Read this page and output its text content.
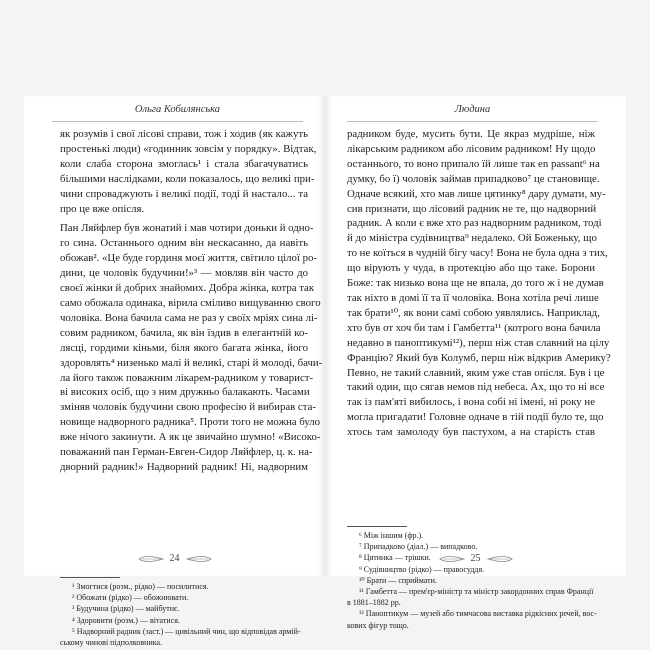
Ольга Кобилянська
як розумів і свої лісові справи, тож і ходив (як кажуть
простенькі люди) «годинник зовсім у порядку». Відтак,
коли слаба сторона змоглась¹ і стала збагачуватись
більшими наслідками, коли показалось, що великі при-
чини спроваджують і великі події, тоді й настало... та
про це вже опісля.
Пан Ляйфлер був жонатий і мав чотири доньки й одно-
го сина. Останнього одним він нескасанно, да навіть
обожав². «Це буде гординя моєї життя, світило цілої ро-
дини, це чоловік будучини!»³ — мовляв він часто до
своєї жінки й добрих знайомих. Добра жінка, котра так
само обожала одинака, вірила сміливо вищуванню свого
чоловіка. Вона бачила сама не раз у своїх мріях сина лі-
совим радником, бачила, як він їздив в елегантній ко-
лясці, гордими кіньми, біля якого багата жінка, його
здоровлять⁴ низенько малі й великі, старі й молоді, бачи-
ла його також поважним лікарем-радником у товарист-
ві високих осіб, що з ним дружньо балакають. Часами
зміняв чоловік будучини свою професію й вибирав ста-
новище надворного радника⁵. Проти того не можна було
вже нічого закинути. А як це звичайно шумно! «Високо-
поважаний пан Герман-Евген-Сидор Ляйфлер, ц. к. на-
дворний радник!» Надворний радник! Ні, надворним
¹ Змогтися (розм., рідко) — посилитися.
² Обожати (рідко) — обожнювати.
³ Будучина (рідко) — майбутнє.
⁴ Здоровити (розм.) — вітатися.
⁵ Надворний радник (заст.) — цивільний чин, що відповідав армій-
ському чиновi підполковника.
24
Людина
радником буде, мусить бути. Це якраз мудріше, ніж
лікарським радником або лісовим радником! Ну щодо
останнього, то воно припало їй лише так en passant⁶ на
думку, бо ї) чоловік займав припадково⁷ це становище.
Одначе всякий, хто мав лише цятинку⁸ дару думати, му-
сив признати, що лісовий радник не те, що надворний
радник. А коли є вже хто раз надворним радником, тоді
й до міністра судівництва⁹ недалеко. Ой Боженьку, що
то не коїться в чудній бігу часу! Вона не була одна з тих,
що вірують у чуда, в протекцію або що таке. Борони
Боже: так низько вона ще не впала, до того ж і не думав
так ніхто в домі її та її чоловіка. Вона хотіла речі лише
так брати¹⁰, як вони самі собою уявлялись. Наприклад,
хто був от хоч би там і Гамбетта¹¹ (котрого вона бачила
недавно в паноптикумі¹²), перш ніж став славний на цілу
Францію? Який був Колумб, перш ніж відкрив Америку?
Певно, не такий славний, яким уже став опісля. Був і це
такий один, що сягав немов під небеса. Ах, що то ні все
так із пам'яті вибилось, і вона собі ні імені, ні року не
могла пригадати! Головне одначе в тій події було те, що
хтось там замолоду був пастухом, а на старість став
⁶ Між іншим (фр.).
⁷ Припадково (діал.) — випадково.
⁸ Цятинка — трішки.
⁹ Судівництво (рідко) — правосуддя.
¹⁰ Брати — сприймати.
¹¹ Гамбетта — прем'єр-міністр та міністр закордонних справ Франції
в 1881–1882 рр.
¹² Паноптикум — музей або тимчасова виставка рідкісних речей, вос-
кових фігур тощо.
25
